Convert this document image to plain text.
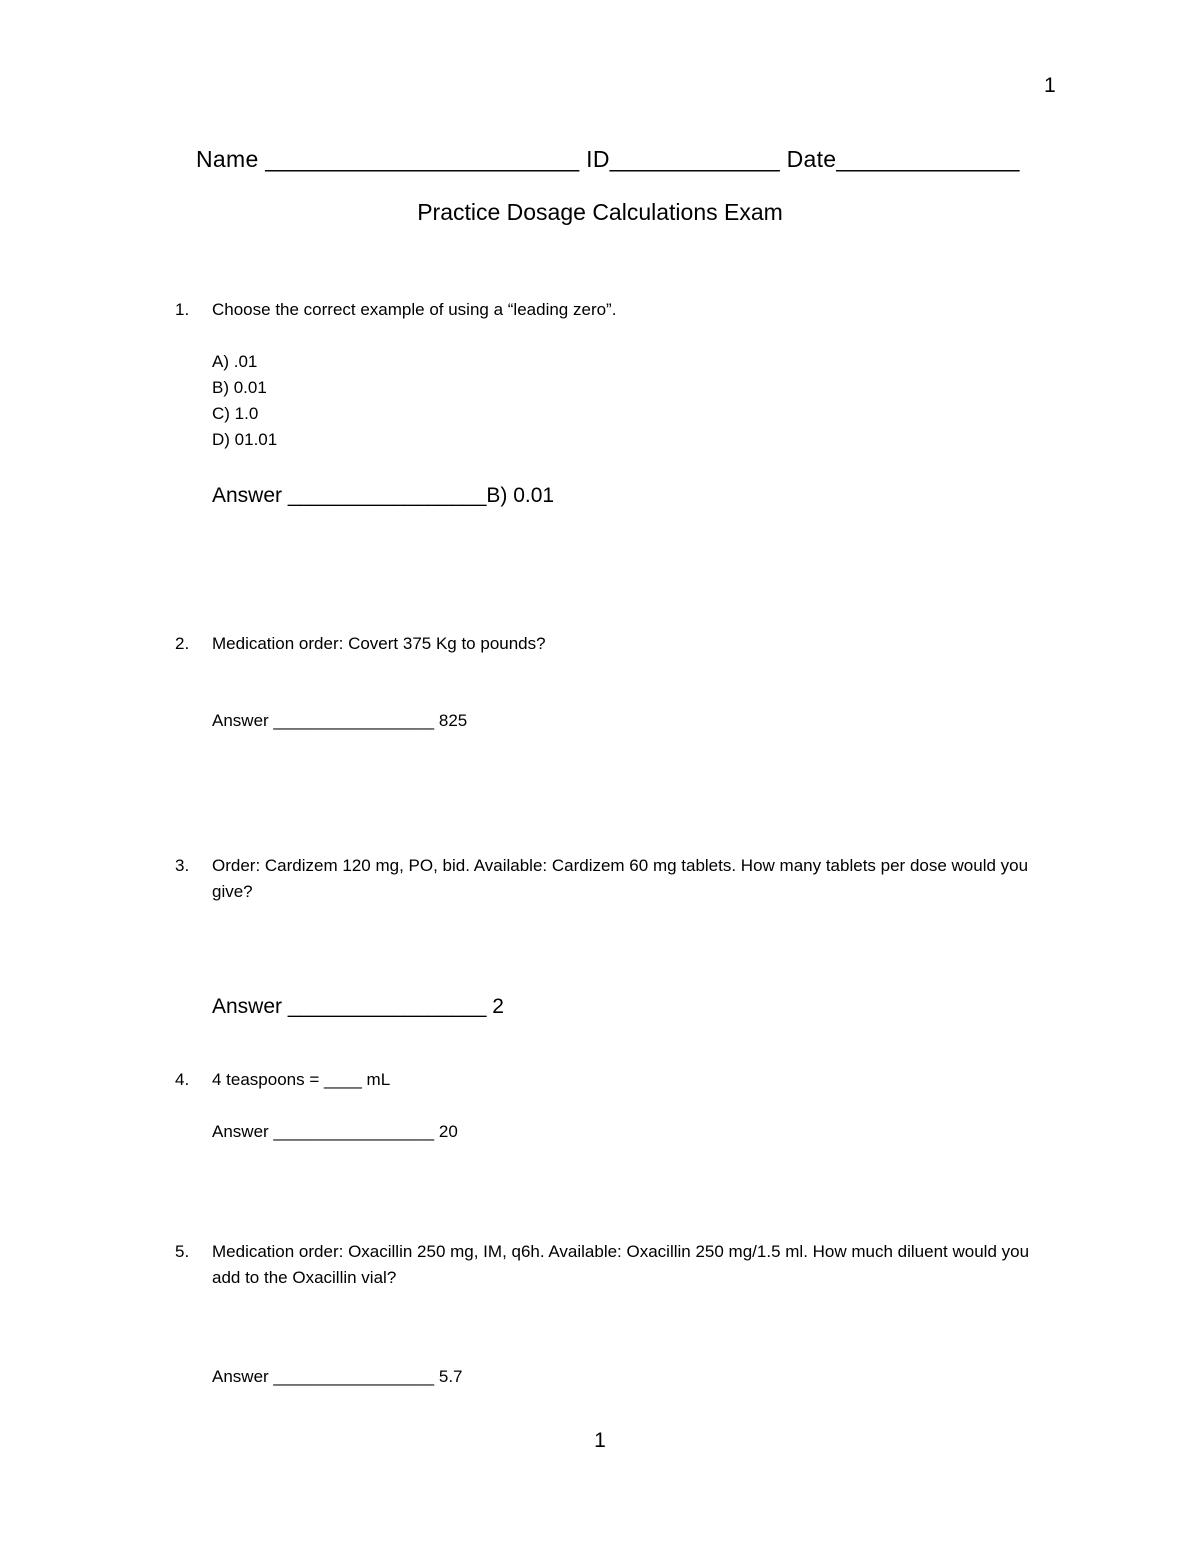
1
Name ________________________ ID_____________ Date______________
Practice Dosage Calculations Exam
1. Choose the correct example of using a “leading zero”.
A) .01
B) 0.01
C) 1.0
D) 01.01
Answer _________________B) 0.01
2. Medication order: Covert 375 Kg to pounds?
Answer _________________ 825
3. Order: Cardizem 120 mg, PO, bid. Available: Cardizem 60 mg tablets. How many tablets per dose would you give?
Answer _________________ 2
4. 4 teaspoons = ____ mL
Answer _________________ 20
5. Medication order: Oxacillin 250 mg, IM, q6h. Available: Oxacillin 250 mg/1.5 ml. How much diluent would you add to the Oxacillin vial?
Answer _________________ 5.7
1
